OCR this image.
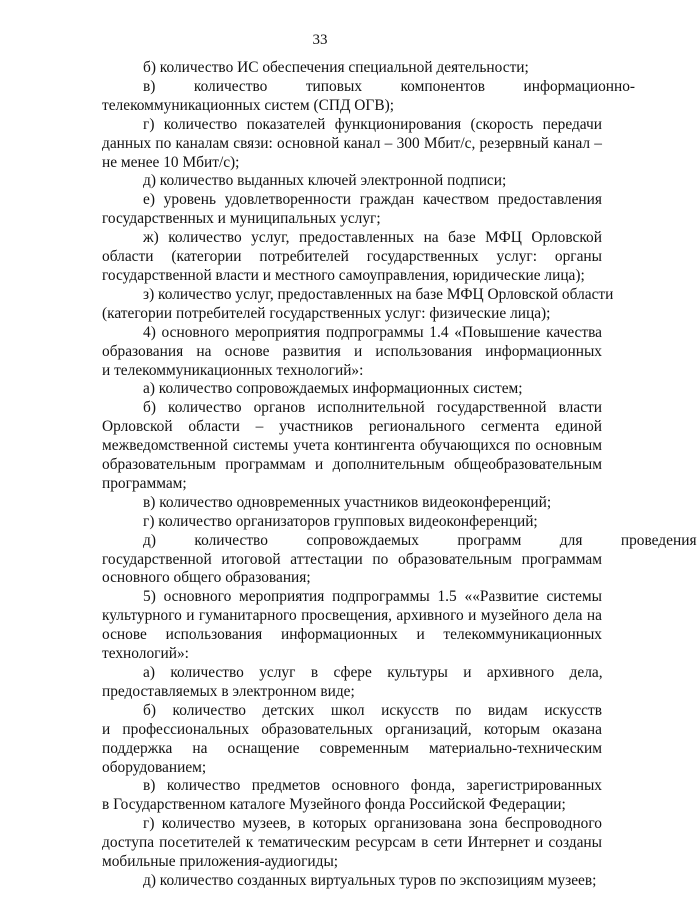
33

б) количество ИС обеспечения специальной деятельности;

в)          количество          типовых          компонентов          информационно-
телекоммуникационных систем (СПД ОГВ);

г) количество показателей функционирования (скорость передачи
данных по каналам связи: основной канал – 300 Мбит/с, резервный канал –
не менее 10 Мбит/с);

д) количество выданных ключей электронной подписи;

е) уровень удовлетворенности граждан качеством предоставления
государственных и муниципальных услуг;

ж) количество услуг, предоставленных на базе МФЦ Орловской
области    (категории    потребителей    государственных    услуг:    органы
государственной власти и местного самоуправления, юридические лица);

з) количество услуг, предоставленных на базе МФЦ Орловской области
(категории потребителей государственных услуг: физические лица);

4) основного мероприятия подпрограммы 1.4 «Повышение качества
образования на основе развития и использования информационных
и телекоммуникационных технологий»:

а) количество сопровождаемых информационных систем;

б) количество органов исполнительной государственной власти
Орловской области – участников регионального сегмента единой
межведомственной системы учета контингента обучающихся по основным
образовательным программам и дополнительным общеобразовательным
программам;

в) количество одновременных участников видеоконференций;

г) количество организаторов групповых видеоконференций;

д)          количество          сопровождаемых          программ          для          проведения
государственной итоговой аттестации по образовательным программам
основного общего образования;

5) основного мероприятия подпрограммы 1.5 ««Развитие системы
культурного и гуманитарного просвещения, архивного и музейного дела на
основе    использования    информационных    и    телекоммуникационных
технологий»:

а)    количество    услуг    в    сфере    культуры    и    архивного    дела,
предоставляемых в электронном виде;

б)    количество    детских    школ    искусств    по    видам    искусств
и профессиональных образовательных организаций, которым оказана
поддержка    на    оснащение    современным    материально-техническим
оборудованием;

в) количество предметов основного фонда, зарегистрированных
в Государственном каталоге Музейного фонда Российской Федерации;

г) количество музеев, в которых организована зона беспроводного
доступа посетителей к тематическим ресурсам в сети Интернет и созданы
мобильные приложения-аудиогиды;

д) количество созданных виртуальных туров по экспозициям музеев;
